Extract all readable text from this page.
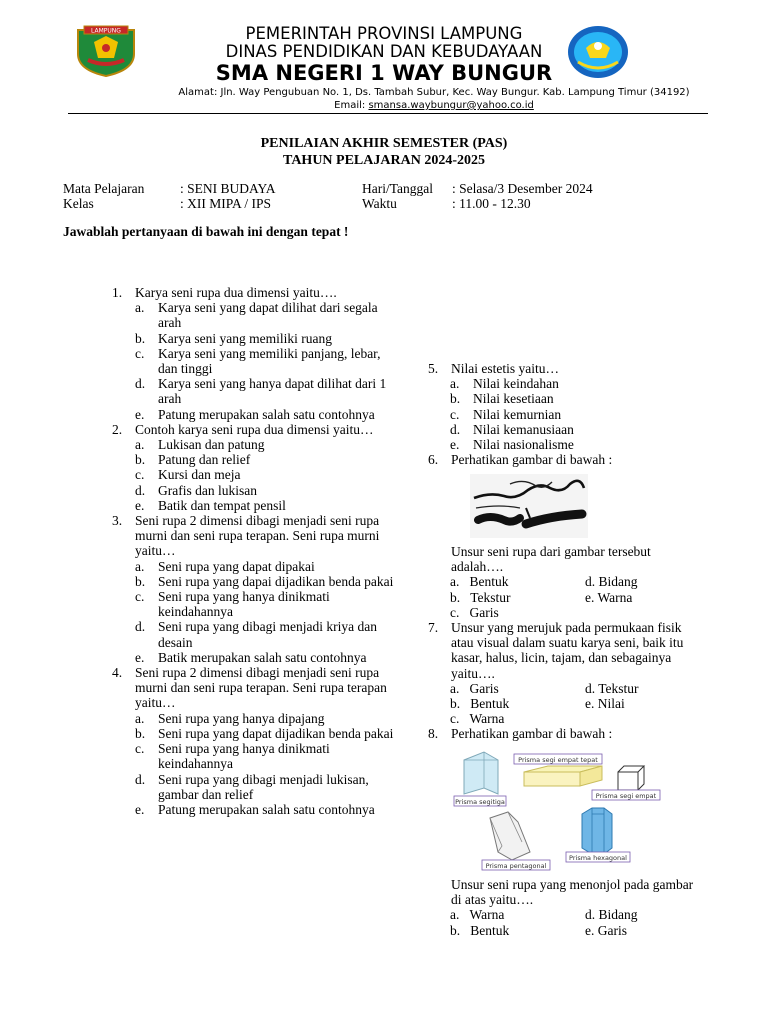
LAMPUNG	PEMERINTAH PROVINSI LAMPUNG
DINAS PENDIDIKAN DAN KEBUDAYAAN
SMA NEGERI 1 WAY BUNGUR
Alamat: Jln. Way Pengubuan No. 1, Ds. Tambah Subur, Kec. Way Bungur. Kab. Lampung Timur (34192)
Email: smansa.waybungur@yahoo.co.id
PENILAIAN AKHIR SEMESTER (PAS)
TAHUN PELAJARAN 2024-2025
Mata Pelajaran	: SENI BUDAYA	Hari/Tanggal : Selasa/3 Desember 2024
Kelas	: XII MIPA / IPS	Waktu	: 11.00 - 12.30
Jawablah pertanyaan di bawah ini dengan tepat !
1. Karya seni rupa dua dimensi yaitu….
a. Karya seni yang dapat dilihat dari segala arah
b. Karya seni yang memiliki ruang
c. Karya seni yang memiliki panjang, lebar, dan tinggi
d. Karya seni yang hanya dapat dilihat dari 1 arah
e. Patung merupakan salah satu contohnya
2. Contoh karya seni rupa dua dimensi yaitu…
a. Lukisan dan patung
b. Patung dan relief
c. Kursi dan meja
d. Grafis dan lukisan
e. Batik dan tempat pensil
3. Seni rupa 2 dimensi dibagi menjadi seni rupa murni dan seni rupa terapan. Seni rupa murni yaitu…
a. Seni rupa yang dapat dipakai
b. Seni rupa yang dapai dijadikan benda pakai
c. Seni rupa yang hanya dinikmati keindahannya
d. Seni rupa yang dibagi menjadi kriya dan desain
e. Batik merupakan salah satu contohnya
4. Seni rupa 2 dimensi dibagi menjadi seni rupa murni dan seni rupa terapan. Seni rupa terapan yaitu…
a. Seni rupa yang hanya dipajang
b. Seni rupa yang dapat dijadikan benda pakai
c. Seni rupa yang hanya dinikmati keindahannya
d. Seni rupa yang dibagi menjadi lukisan, gambar dan relief
e. Patung merupakan salah satu contohnya
5. Nilai estetis yaitu…
a. Nilai keindahan
b. Nilai kesetiaan
c. Nilai kemurnian
d. Nilai kemanusiaan
e. Nilai nasionalisme
6. Perhatikan gambar di bawah :
Unsur seni rupa dari gambar tersebut adalah….
a. Bentuk	d. Bidang
b. Tekstur	e. Warna
c. Garis
7. Unsur yang merujuk pada permukaan fisik atau visual dalam suatu karya seni, baik itu kasar, halus, licin, tajam, dan sebagainya yaitu….
a. Garis	d. Tekstur
b. Bentuk	e. Nilai
c. Warna
8. Perhatikan gambar di bawah :
Prisma segi empat tepat
Prisma segitiga
Prisma segi empat
Prisma pentagonal
Prisma hexagonal
Unsur seni rupa yang menonjol pada gambar di atas yaitu….
a. Warna	d. Bidang
b. Bentuk	e. Garis
